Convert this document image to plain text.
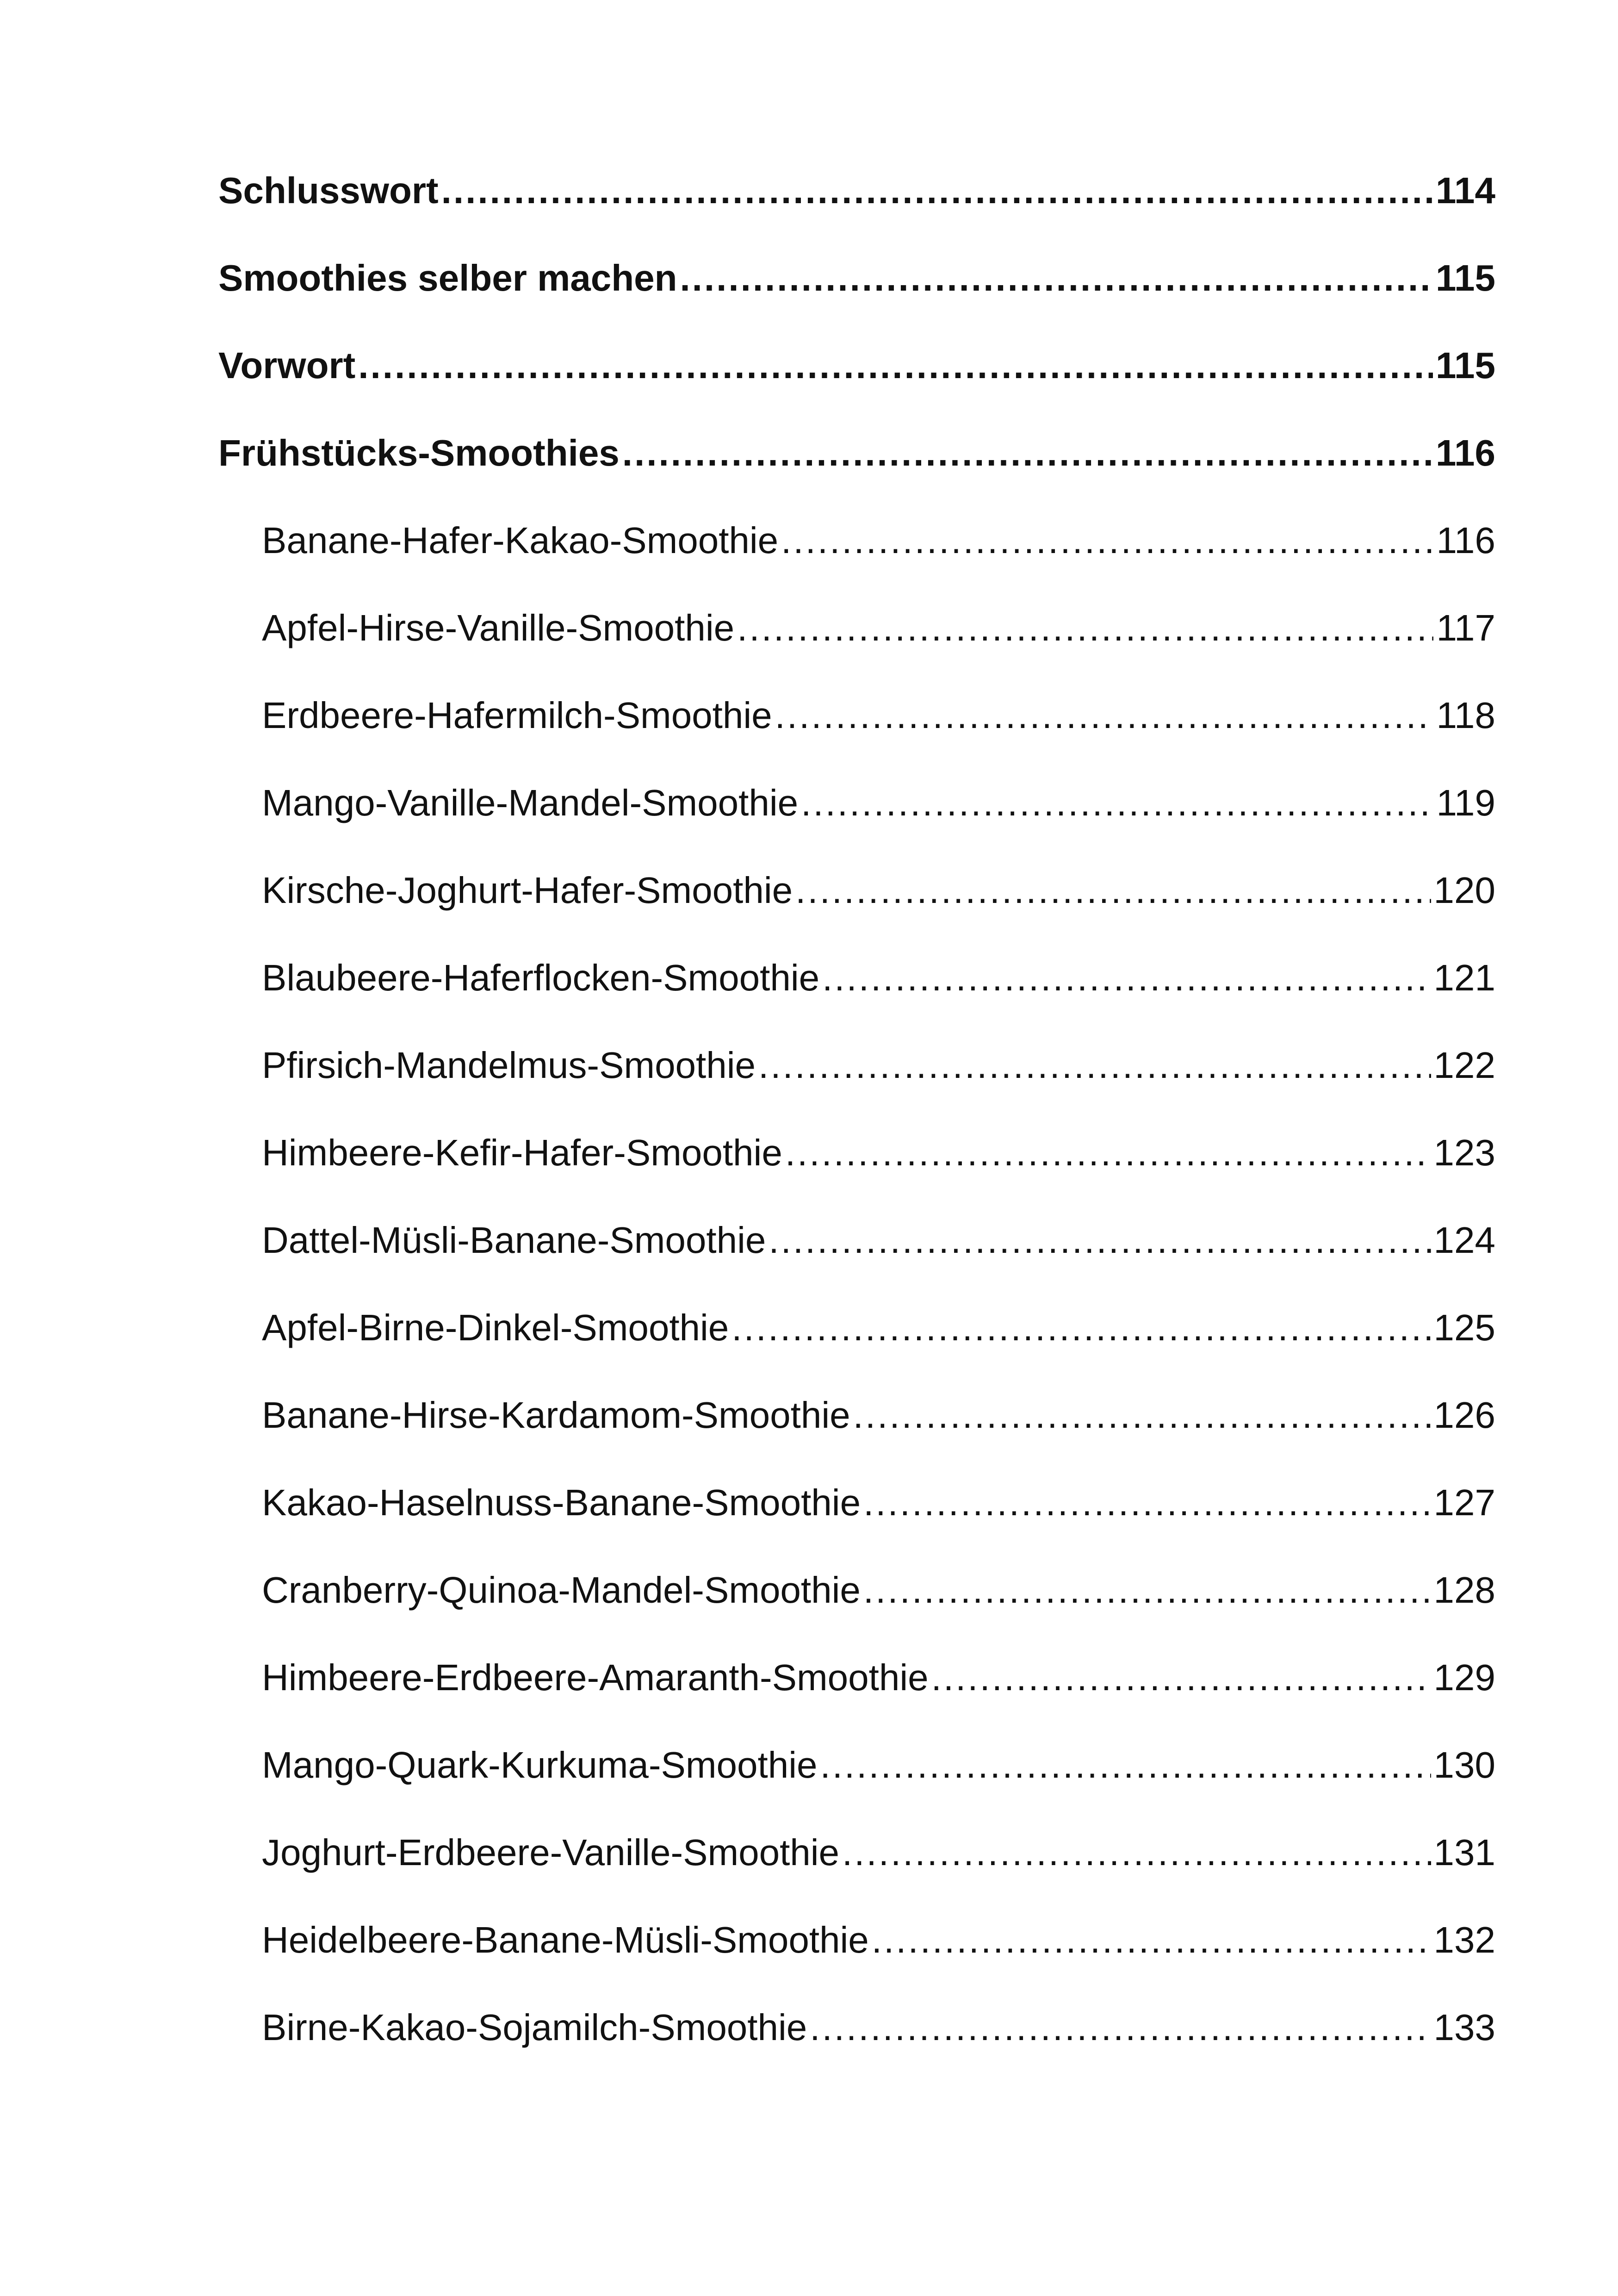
Schlusswort .....	114
Smoothies selber machen .....	115
Vorwort .....	115
Frühstücks-Smoothies .....	116
Banane-Hafer-Kakao-Smoothie .....	116
Apfel-Hirse-Vanille-Smoothie .....	117
Erdbeere-Hafermilch-Smoothie .....	118
Mango-Vanille-Mandel-Smoothie .....	119
Kirsche-Joghurt-Hafer-Smoothie .....	120
Blaubeere-Haferflocken-Smoothie .....	121
Pfirsich-Mandelmus-Smoothie .....	122
Himbeere-Kefir-Hafer-Smoothie .....	123
Dattel-Müsli-Banane-Smoothie .....	124
Apfel-Birne-Dinkel-Smoothie .....	125
Banane-Hirse-Kardamom-Smoothie .....	126
Kakao-Haselnuss-Banane-Smoothie .....	127
Cranberry-Quinoa-Mandel-Smoothie .....	128
Himbeere-Erdbeere-Amaranth-Smoothie .....	129
Mango-Quark-Kurkuma-Smoothie .....	130
Joghurt-Erdbeere-Vanille-Smoothie .....	131
Heidelbeere-Banane-Müsli-Smoothie .....	132
Birne-Kakao-Sojamilch-Smoothie .....	133
